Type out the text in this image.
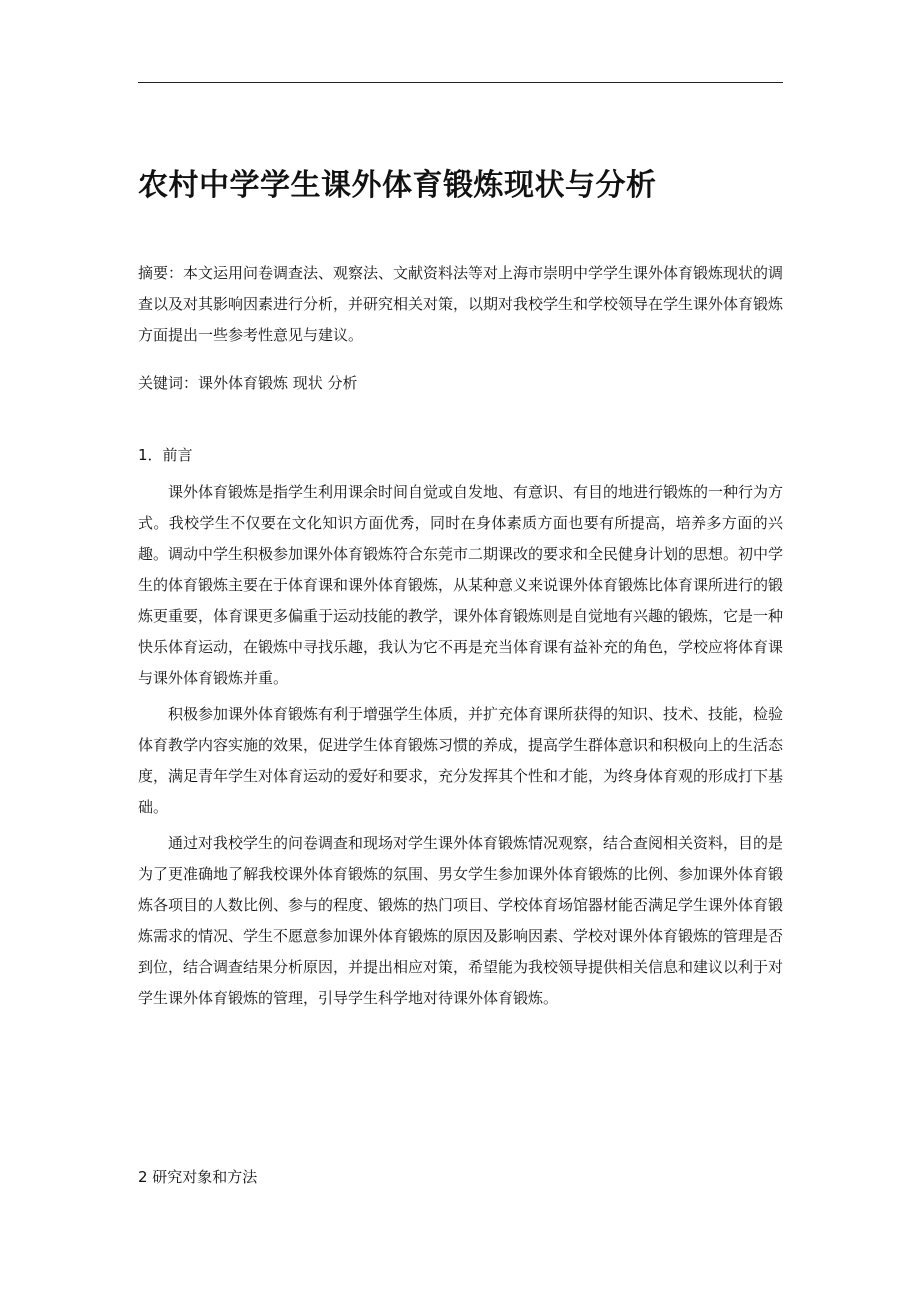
农村中学学生课外体育锻炼现状与分析

摘要：本文运用问卷调查法、观察法、文献资料法等对上海市崇明中学学生课外体育锻炼现状的调查以及对其影响因素进行分析，并研究相关对策，以期对我校学生和学校领导在学生课外体育锻炼方面提出一些参考性意见与建议。

关键词：课外体育锻炼 现状 分析

1．前言

课外体育锻炼是指学生利用课余时间自觉或自发地、有意识、有目的地进行锻炼的一种行为方式。我校学生不仅要在文化知识方面优秀，同时在身体素质方面也要有所提高，培养多方面的兴趣。调动中学生积极参加课外体育锻炼符合东莞市二期课改的要求和全民健身计划的思想。初中学生的体育锻炼主要在于体育课和课外体育锻炼，从某种意义来说课外体育锻炼比体育课所进行的锻炼更重要，体育课更多偏重于运动技能的教学，课外体育锻炼则是自觉地有兴趣的锻炼，它是一种快乐体育运动，在锻炼中寻找乐趣，我认为它不再是充当体育课有益补充的角色，学校应将体育课与课外体育锻炼并重。

积极参加课外体育锻炼有利于增强学生体质，并扩充体育课所获得的知识、技术、技能，检验体育教学内容实施的效果，促进学生体育锻炼习惯的养成，提高学生群体意识和积极向上的生活态度，满足青年学生对体育运动的爱好和要求，充分发挥其个性和才能，为终身体育观的形成打下基础。

通过对我校学生的问卷调查和现场对学生课外体育锻炼情况观察，结合查阅相关资料，目的是为了更准确地了解我校课外体育锻炼的氛围、男女学生参加课外体育锻炼的比例、参加课外体育锻炼各项目的人数比例、参与的程度、锻炼的热门项目、学校体育场馆器材能否满足学生课外体育锻炼需求的情况、学生不愿意参加课外体育锻炼的原因及影响因素、学校对课外体育锻炼的管理是否到位，结合调查结果分析原因，并提出相应对策，希望能为我校领导提供相关信息和建议以利于对学生课外体育锻炼的管理，引导学生科学地对待课外体育锻炼。

2 研究对象和方法
